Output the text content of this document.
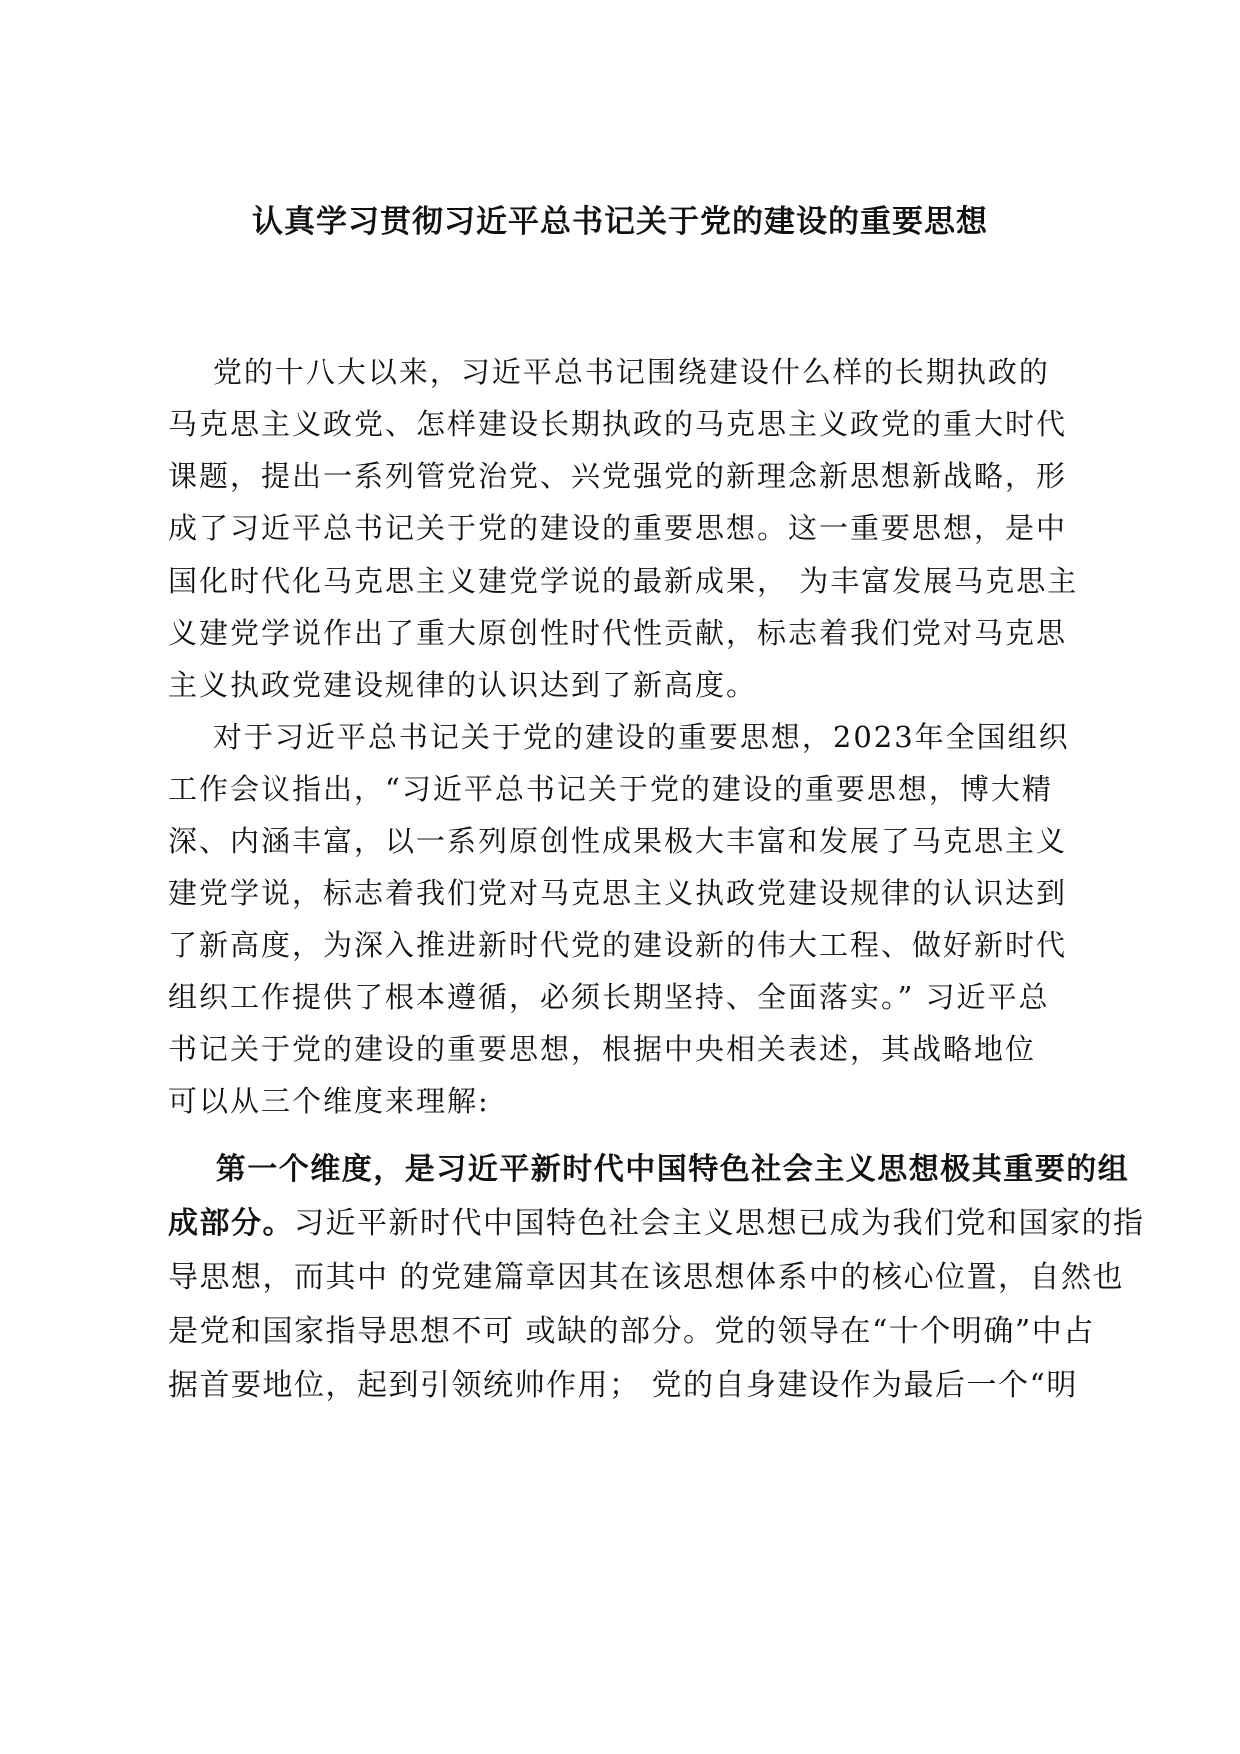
认真学习贯彻习近平总书记关于党的建设的重要思想
党的十八大以来，习近平总书记围绕建设什么样的长期执政的
马克思主义政党、怎样建设长期执政的马克思主义政党的重大时代
课题，提出一系列管党治党、兴党强党的新理念新思想新战略，形
成了习近平总书记关于党的建设的重要思想。这一重要思想，是中
国化时代化马克思主义建党学说的最新成果， 为丰富发展马克思主
义建党学说作出了重大原创性时代性贡献，标志着我们党对马克思
主义执政党建设规律的认识达到了新高度。
对于习近平总书记关于党的建设的重要思想，2023年全国组织
工作会议指出，“习近平总书记关于党的建设的重要思想，博大精
深、内涵丰富，以一系列原创性成果极大丰富和发展了马克思主义
建党学说，标志着我们党对马克思主义执政党建设规律的认识达到
了新高度，为深入推进新时代党的建设新的伟大工程、做好新时代
组织工作提供了根本遵循，必须长期坚持、全面落实。” 习近平总
书记关于党的建设的重要思想，根据中央相关表述，其战略地位
可以从三个维度来理解:
第一个维度，是习近平新时代中国特色社会主义思想极其重要的组
成部分。习近平新时代中国特色社会主义思想已成为我们党和国家的指
导思想，而其中 的党建篇章因其在该思想体系中的核心位置，自然也
是党和国家指导思想不可 或缺的部分。党的领导在“十个明确”中占
据首要地位，起到引领统帅作用； 党的自身建设作为最后一个“明
